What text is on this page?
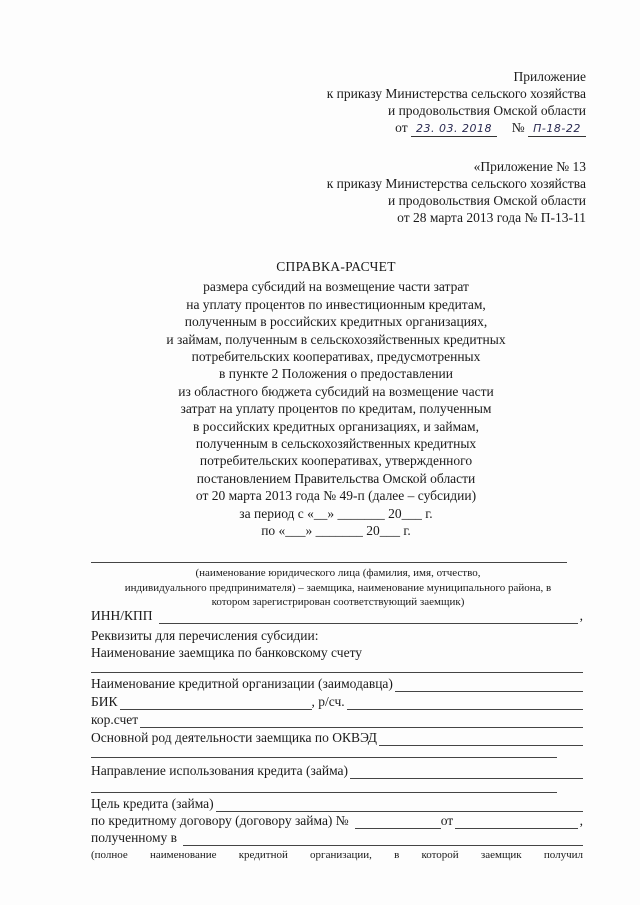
Приложение
к приказу Министерства сельского хозяйства
и продовольствия Омской области
от 23. 03. 2018 № П-18-22
«Приложение № 13
к приказу Министерства сельского хозяйства
и продовольствия Омской области
от 28 марта 2013 года № П-13-11
СПРАВКА-РАСЧЕТ
размера субсидий на возмещение части затрат
на уплату процентов по инвестиционным кредитам,
полученным в российских кредитных организациях,
и займам, полученным в сельскохозяйственных кредитных
потребительских кооперативах, предусмотренных
в пункте 2 Положения о предоставлении
из областного бюджета субсидий на возмещение части
затрат на уплату процентов по кредитам, полученным
в российских кредитных организациях, и займам,
полученным в сельскохозяйственных кредитных
потребительских кооперативах, утвержденного
постановлением Правительства Омской области
от 20 марта 2013 года № 49-п (далее – субсидии)
за период с «__» _______ 20___ г.
по «___» _______ 20___ г.
(наименование юридического лица (фамилия, имя, отчество,
индивидуального предпринимателя) – заемщика, наименование муниципального района, в
котором зарегистрирован соответствующий заемщик)
ИНН/КПП	,
Реквизиты для перечисления субсидии:
Наименование заемщика по банковскому счету
Наименование кредитной организации (заимодавца)
БИК	, р/сч.
кор.счет
Основной род деятельности заемщика по ОКВЭД
Направление использования кредита (займа)
Цель кредита (займа)
по кредитному договору (договору займа) №	от	,
полученному в
(полное наименование кредитной организации, в которой заемщик получил
